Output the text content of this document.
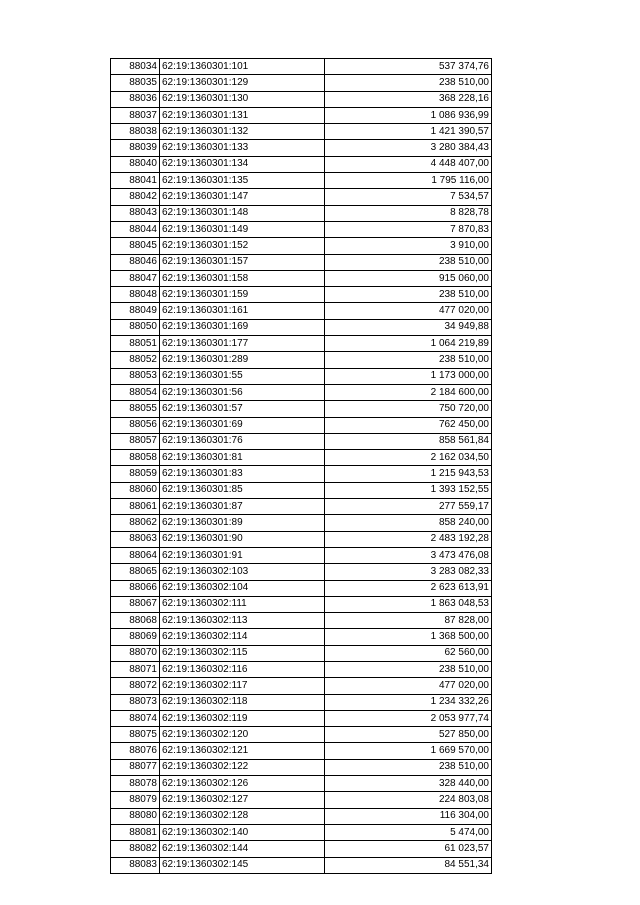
88034	62:19:1360301:101	537 374,76
88035	62:19:1360301:129	238 510,00
88036	62:19:1360301:130	368 228,16
88037	62:19:1360301:131	1 086 936,99
88038	62:19:1360301:132	1 421 390,57
88039	62:19:1360301:133	3 280 384,43
88040	62:19:1360301:134	4 448 407,00
88041	62:19:1360301:135	1 795 116,00
88042	62:19:1360301:147	7 534,57
88043	62:19:1360301:148	8 828,78
88044	62:19:1360301:149	7 870,83
88045	62:19:1360301:152	3 910,00
88046	62:19:1360301:157	238 510,00
88047	62:19:1360301:158	915 060,00
88048	62:19:1360301:159	238 510,00
88049	62:19:1360301:161	477 020,00
88050	62:19:1360301:169	34 949,88
88051	62:19:1360301:177	1 064 219,89
88052	62:19:1360301:289	238 510,00
88053	62:19:1360301:55	1 173 000,00
88054	62:19:1360301:56	2 184 600,00
88055	62:19:1360301:57	750 720,00
88056	62:19:1360301:69	762 450,00
88057	62:19:1360301:76	858 561,84
88058	62:19:1360301:81	2 162 034,50
88059	62:19:1360301:83	1 215 943,53
88060	62:19:1360301:85	1 393 152,55
88061	62:19:1360301:87	277 559,17
88062	62:19:1360301:89	858 240,00
88063	62:19:1360301:90	2 483 192,28
88064	62:19:1360301:91	3 473 476,08
88065	62:19:1360302:103	3 283 082,33
88066	62:19:1360302:104	2 623 613,91
88067	62:19:1360302:111	1 863 048,53
88068	62:19:1360302:113	87 828,00
88069	62:19:1360302:114	1 368 500,00
88070	62:19:1360302:115	62 560,00
88071	62:19:1360302:116	238 510,00
88072	62:19:1360302:117	477 020,00
88073	62:19:1360302:118	1 234 332,26
88074	62:19:1360302:119	2 053 977,74
88075	62:19:1360302:120	527 850,00
88076	62:19:1360302:121	1 669 570,00
88077	62:19:1360302:122	238 510,00
88078	62:19:1360302:126	328 440,00
88079	62:19:1360302:127	224 803,08
88080	62:19:1360302:128	116 304,00
88081	62:19:1360302:140	5 474,00
88082	62:19:1360302:144	61 023,57
88083	62:19:1360302:145	84 551,34
